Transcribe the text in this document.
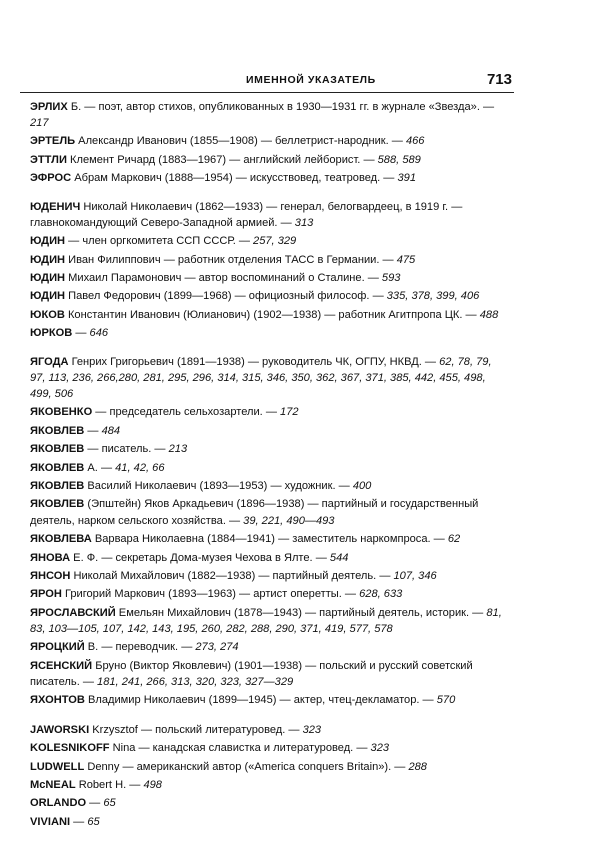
ИМЕННОЙ УКАЗАТЕЛЬ	713
ЭРЛИХ Б. — поэт, автор стихов, опубликованных в 1930—1931 гг. в журнале «Звезда». — 217
ЭРТЕЛЬ Александр Иванович (1855—1908) — беллетрист-народник. — 466
ЭТТЛИ Клемент Ричард (1883—1967) — английский лейборист. — 588, 589
ЭФРОС Абрам Маркович (1888—1954) — искусствовед, театровед. — 391
ЮДЕНИЧ Николай Николаевич (1862—1933) — генерал, белогвардеец, в 1919 г. — главнокомандующий Северо-Западной армией. — 313
ЮДИН — член оргкомитета ССП СССР. — 257, 329
ЮДИН Иван Филиппович — работник отделения ТАСС в Германии. — 475
ЮДИН Михаил Парамонович — автор воспоминаний о Сталине. — 593
ЮДИН Павел Федорович (1899—1968) — официозный философ. — 335, 378, 399, 406
ЮКОВ Константин Иванович (Юлианович) (1902—1938) — работник Агитпропа ЦК. — 488
ЮРКОВ — 646
ЯГОДА Генрих Григорьевич (1891—1938) — руководитель ЧК, ОГПУ, НКВД. — 62, 78, 79, 97, 113, 236, 266,280, 281, 295, 296, 314, 315, 346, 350, 362, 367, 371, 385, 442, 455, 498, 499, 506
ЯКОВЕНКО — председатель сельхозартели. — 172
ЯКОВЛЕВ — 484
ЯКОВЛЕВ — писатель. — 213
ЯКОВЛЕВ А. — 41, 42, 66
ЯКОВЛЕВ Василий Николаевич (1893—1953) — художник. — 400
ЯКОВЛЕВ (Эпштейн) Яков Аркадьевич (1896—1938) — партийный и государственный деятель, нарком сельского хозяйства. — 39, 221, 490—493
ЯКОВЛЕВА Варвара Николаевна (1884—1941) — заместитель наркомпроса. — 62
ЯНОВА Е. Ф. — секретарь Дома-музея Чехова в Ялте. — 544
ЯНСОН Николай Михайлович (1882—1938) — партийный деятель. — 107, 346
ЯРОН Григорий Маркович (1893—1963) — артист оперетты. — 628, 633
ЯРОСЛАВСКИЙ Емельян Михайлович (1878—1943) — партийный деятель, историк. — 81, 83, 103—105, 107, 142, 143, 195, 260, 282, 288, 290, 371, 419, 577, 578
ЯРОЦКИЙ В. — переводчик. — 273, 274
ЯСЕНСКИЙ Бруно (Виктор Яковлевич) (1901—1938) — польский и русский советский писатель. — 181, 241, 266, 313, 320, 323, 327—329
ЯХОНТОВ Владимир Николаевич (1899—1945) — актер, чтец-декламатор. — 570
JAWORSKI Krzysztof — польский литературовед. — 323
KOLESNIKOFF Nina — канадская славистка и литературовед. — 323
LUDWELL Denny — американский автор («America conquers Britain»). — 288
McNEAL Robert H. — 498
ORLANDO — 65
VIVIANI — 65
